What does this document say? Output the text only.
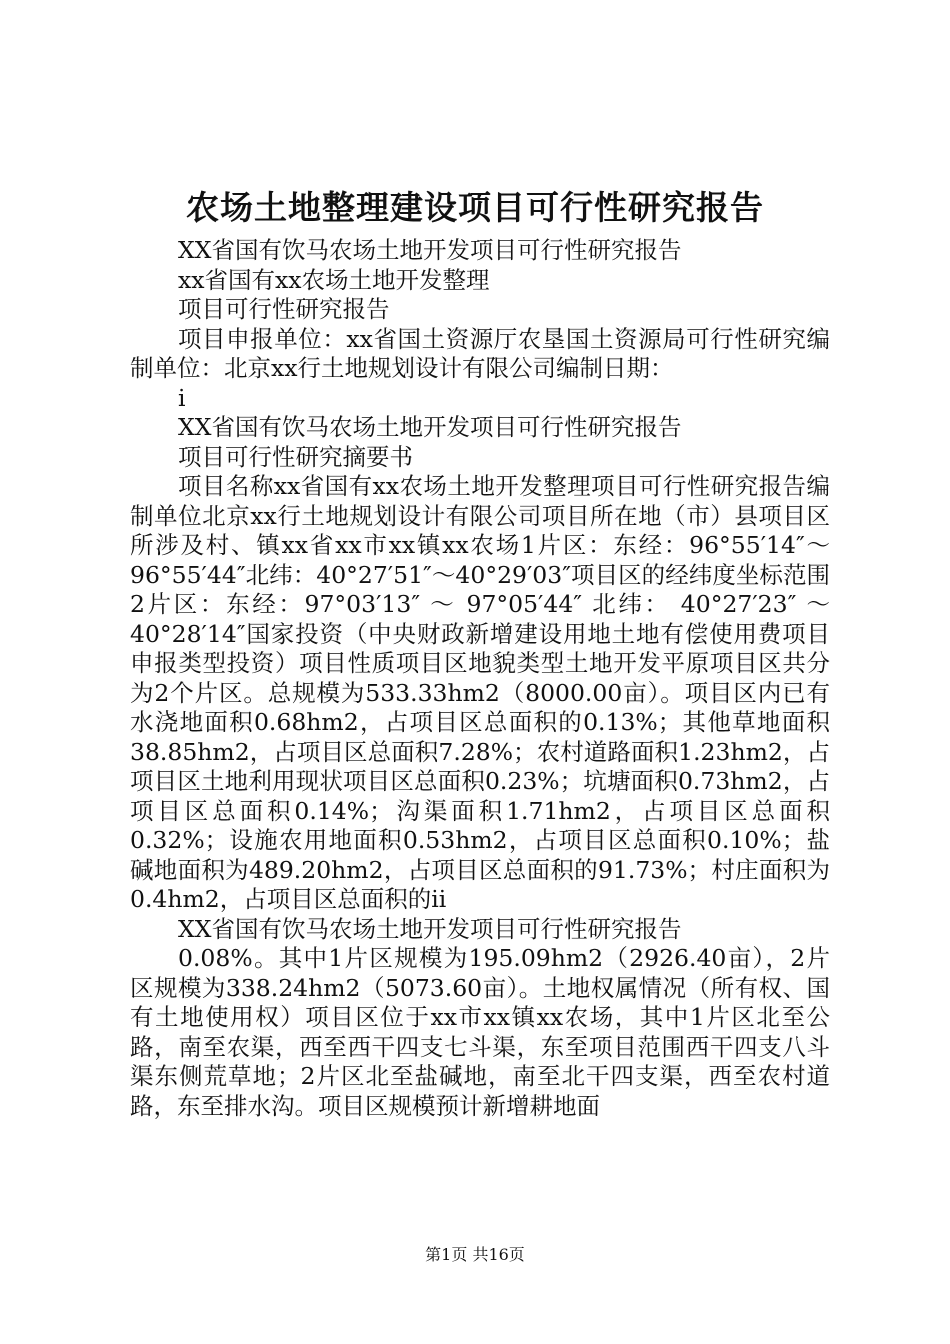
农场土地整理建设项目可行性研究报告

XX省国有饮马农场土地开发项目可行性研究报告

xx省国有xx农场土地开发整理

项目可行性研究报告

项目申报单位：xx省国土资源厅农垦国土资源局可行性研究编制单位：北京xx行土地规划设计有限公司编制日期：

i

XX省国有饮马农场土地开发项目可行性研究报告

项目可行性研究摘要书

项目名称xx省国有xx农场土地开发整理项目可行性研究报告编制单位北京xx行土地规划设计有限公司项目所在地（市）县项目区所涉及村、镇xx省xx市xx镇xx农场1片区：东经：96°55′14″～96°55′44″北纬：40°27′51″～40°29′03″项目区的经纬度坐标范围2片区：东经：97°03′13″ ～ 97°05′44″ 北纬： 40°27′23″ ～40°28′14″国家投资（中央财政新增建设用地土地有偿使用费项目申报类型投资）项目性质项目区地貌类型土地开发平原项目区共分为2个片区。总规模为533.33hm2（8000.00亩）。项目区内已有水浇地面积0.68hm2，占项目区总面积的0.13%；其他草地面积38.85hm2，占项目区总面积7.28%；农村道路面积1.23hm2，占项目区土地利用现状项目区总面积0.23%；坑塘面积0.73hm2，占项目区总面积0.14%；沟渠面积1.71hm2，占项目区总面积0.32%；设施农用地面积0.53hm2，占项目区总面积0.10%；盐碱地面积为489.20hm2，占项目区总面积的91.73%；村庄面积为0.4hm2，占项目区总面积的ii

XX省国有饮马农场土地开发项目可行性研究报告

0.08%。其中1片区规模为195.09hm2（2926.40亩），2片区规模为338.24hm2（5073.60亩）。土地权属情况（所有权、国有土地使用权）项目区位于xx市xx镇xx农场，其中1片区北至公路，南至农渠，西至西干四支七斗渠，东至项目范围西干四支八斗渠东侧荒草地；2片区北至盐碱地，南至北干四支渠，西至农村道路，东至排水沟。项目区规模预计新增耕地面

第1页 共16页
